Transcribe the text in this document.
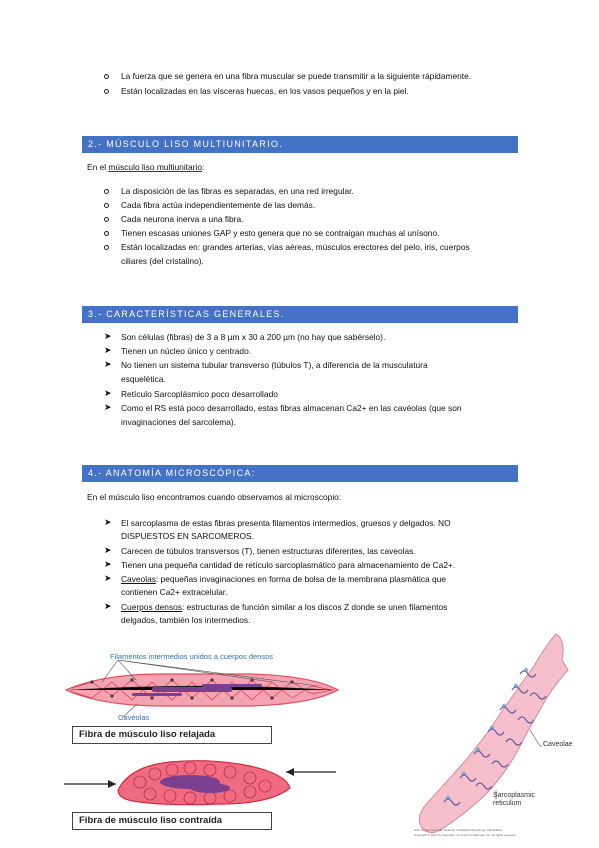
La fuerza que se genera en una fibra muscular se puede transmitir a la siguiente rápidamente.
Están localizadas en las vísceras huecas, en los vasos pequeños y en la piel.
2.- MÚSCULO LISO MULTIUNITARIO.
En el músculo liso multiunitario:
La disposición de las fibras es separadas, en una red irregular.
Cada fibra actúa independientemente de las demás.
Cada neurona inerva a una fibra.
Tienen escasas uniones GAP y esto genera que no se contraigan muchas al unísono.
Están localizadas en: grandes arterias, vías aéreas, músculos erectores del pelo, iris, cuerpos
ciliares (del cristalino).
3.- CARACTERÍSTICAS GENERALES.
➤ Son células (fibras) de 3 a 8 µm x 30 a 200 µm (no hay que sabérselo).
➤ Tienen un núcleo único y centrado.
➤ No tienen un sistema tubular transverso (túbulos T), a diferencia de la musculatura
esquelética.
➤ Retículo Sarcoplásmico poco desarrollado
➤ Como el RS está poco desarrollado, estas fibras almacenan Ca2+ en las cavéolas (que son
invaginaciones del sarcolema).
4.- ANATOMÍA MICROSCÓPICA:
En el músculo liso encontramos cuando observamos al microscopio:
➤ El sarcoplasma de estas fibras presenta filamentos intermedios, gruesos y delgados. NO
DISPUESTOS EN SARCOMEROS.
➤ Carecen de túbulos transversos (T), tienen estructuras diferentes, las caveolas.
➤ Tienen una pequeña cantidad de retículo sarcoplasmático para almacenamiento de Ca2+.
➤ Caveolas: pequeñas invaginaciones en forma de bolsa de la membrana plasmática que
contienen Ca2+ extracelular.
➤ Cuerpos densos: estructuras de función similar a los discos Z donde se unen filamentos
delgados, también los intermedios.
Filamentos intermedios unidos a cuerpos densos
Cavéolas
Fibra de músculo liso relajada
Fibra de músculo liso contraída
Caveolae
Sarcoplasmic
reticulum
Hall: Guyton and Hall Textbook of Medical Physiology, 12th Edition
Copyright © 2011 by Saunders, an imprint of Elsevier, Inc. All rights reserved.
